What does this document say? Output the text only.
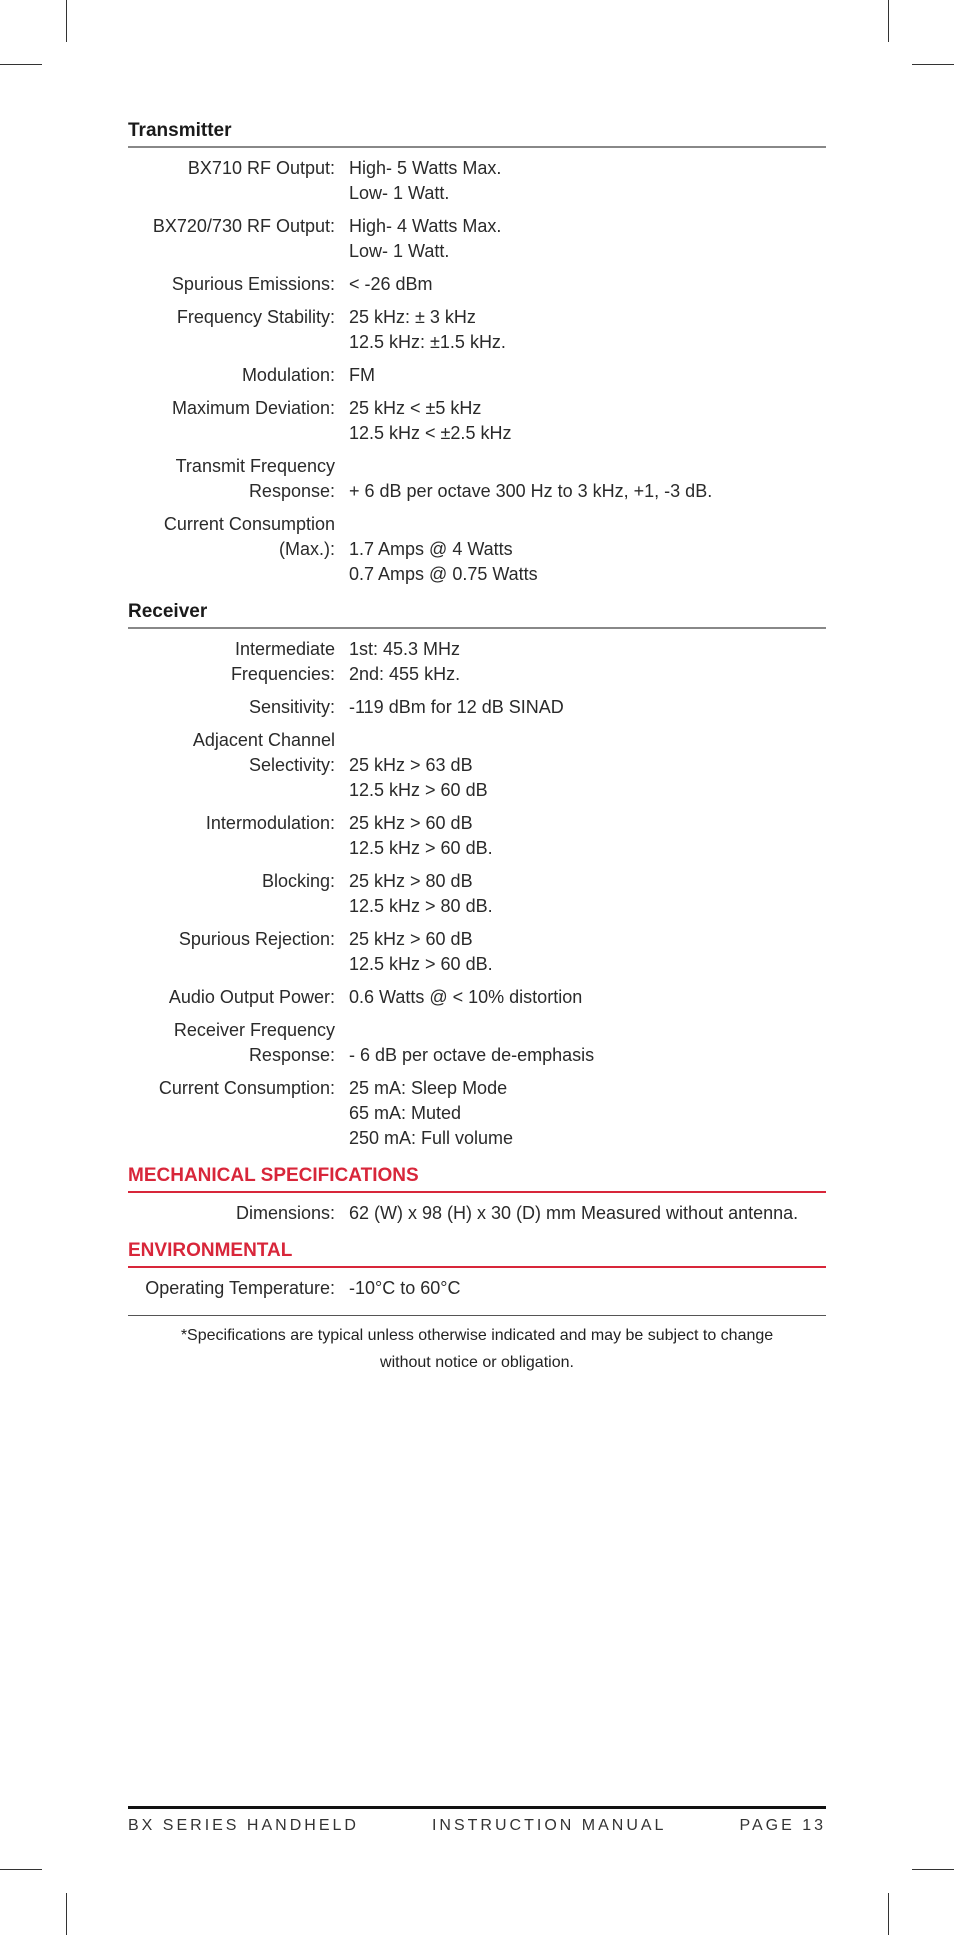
Transmitter
BX710 RF Output: High- 5 Watts Max.
Low- 1 Watt.
BX720/730 RF Output: High- 4 Watts Max.
Low- 1 Watt.
Spurious Emissions: < -26 dBm
Frequency Stability: 25 kHz: ± 3 kHz
12.5 kHz: ±1.5 kHz.
Modulation: FM
Maximum Deviation: 25 kHz < ±5 kHz
12.5 kHz < ±2.5 kHz
Transmit Frequency
Response: + 6 dB per octave 300 Hz to 3 kHz, +1, -3 dB.
Current Consumption
(Max.): 1.7 Amps @ 4 Watts
0.7 Amps @ 0.75 Watts
Receiver
Intermediate Frequencies:
1st: 45.3 MHz
2nd: 455 kHz.
Sensitivity: -119 dBm for 12 dB SINAD
Adjacent Channel
Selectivity: 25 kHz > 63 dB
12.5 kHz > 60 dB
Intermodulation: 25 kHz > 60 dB
12.5 kHz > 60 dB.
Blocking: 25 kHz > 80 dB
12.5 kHz > 80 dB.
Spurious Rejection: 25 kHz > 60 dB
12.5 kHz > 60 dB.
Audio Output Power: 0.6 Watts @ < 10% distortion
Receiver Frequency
Response: - 6 dB per octave de-emphasis
Current Consumption: 25 mA: Sleep Mode
65 mA: Muted
250 mA: Full volume
MECHANICAL SPECIFICATIONS
Dimensions: 62 (W) x 98 (H) x 30 (D) mm Measured without antenna.
ENVIRONMENTAL
Operating Temperature: -10°C to 60°C
*Specifications are typical unless otherwise indicated and may be subject to change
without notice or obligation.
BX SERIES HANDHELD	INSTRUCTION MANUAL	PAGE 13
